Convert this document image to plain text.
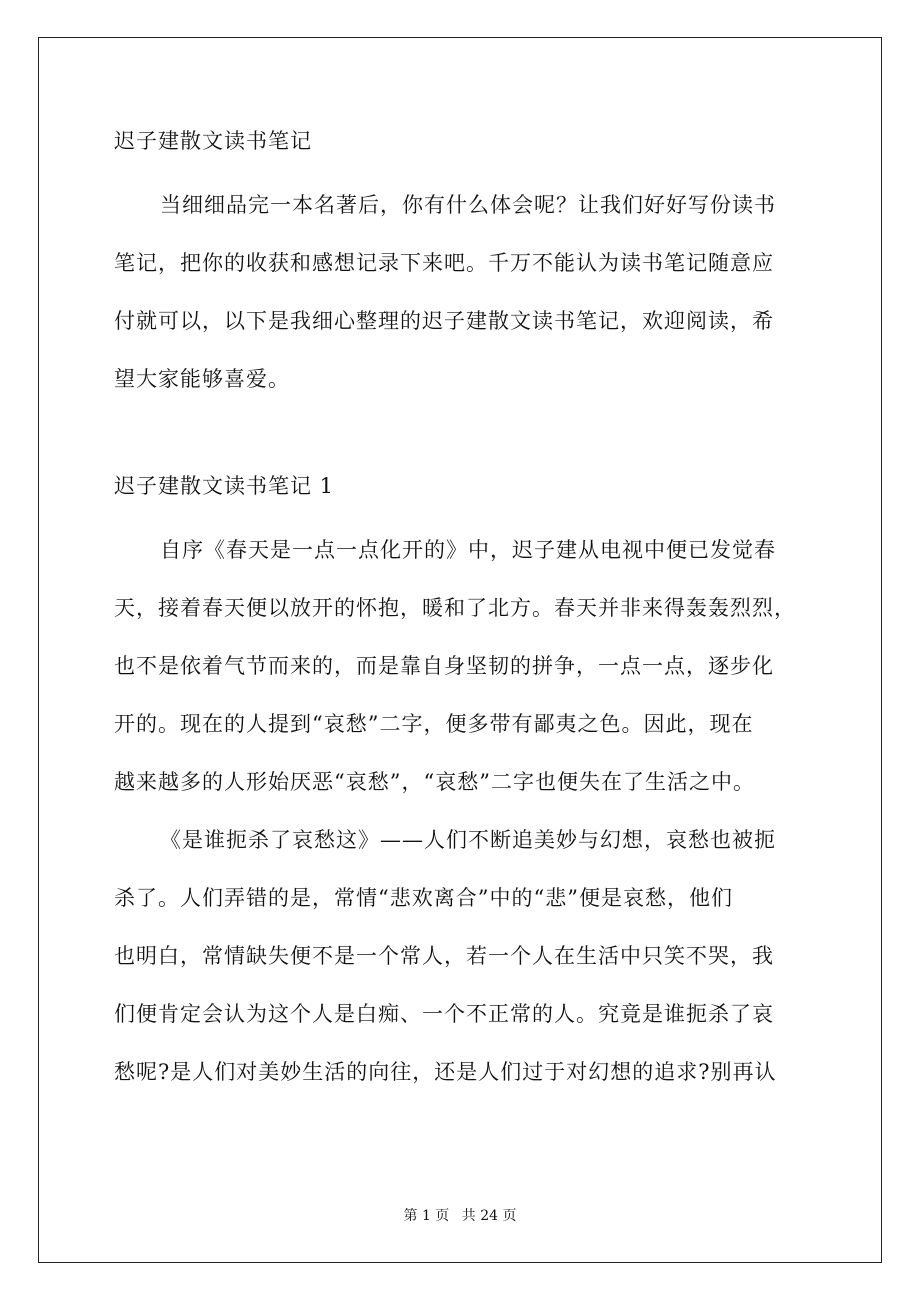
迟子建散文读书笔记
当细细品完一本名著后，你有什么体会呢？让我们好好写份读书
笔记，把你的收获和感想记录下来吧。千万不能认为读书笔记随意应
付就可以，以下是我细心整理的迟子建散文读书笔记，欢迎阅读，希
望大家能够喜爱。
迟子建散文读书笔记 1
自序《春天是一点一点化开的》中，迟子建从电视中便已发觉春
天，接着春天便以放开的怀抱，暖和了北方。春天并非来得轰轰烈烈，
也不是依着气节而来的，而是靠自身坚韧的拼争，一点一点，逐步化
开的。现在的人提到“哀愁”二字，便多带有鄙夷之色。因此，现在
越来越多的人形始厌恶“哀愁”，“哀愁”二字也便失在了生活之中。
《是谁扼杀了哀愁这》——人们不断追美妙与幻想，哀愁也被扼
杀了。人们弄错的是，常情“悲欢离合”中的“悲”便是哀愁，他们
也明白，常情缺失便不是一个常人，若一个人在生活中只笑不哭，我
们便肯定会认为这个人是白痴、一个不正常的人。究竟是谁扼杀了哀
愁呢?是人们对美妙生活的向往，还是人们过于对幻想的追求?别再认
第 1 页 共 24 页
